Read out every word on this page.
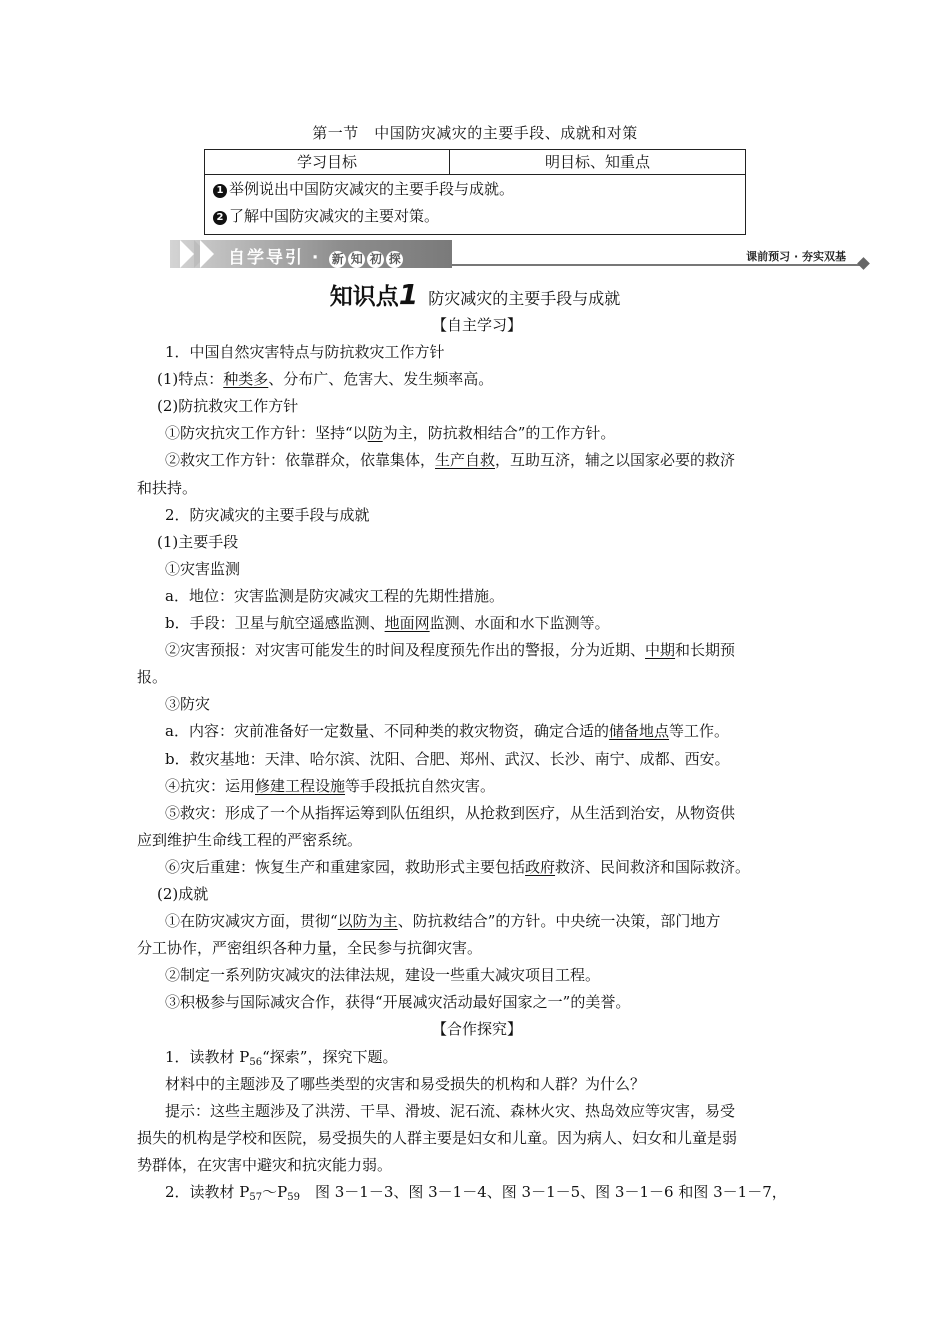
第一节　中国防灾减灾的主要手段、成就和对策
学习目标	明目标、知重点

1 举例说出中国防灾减灾的主要手段与成就。
2 了解中国防灾减灾的主要对策。
自学导引 · 新 知 初 探	课前预习 · 夯实双基
知识点1 防灾减灾的主要手段与成就
【自主学习】
1．中国自然灾害特点与防抗救灾工作方针
(1)特点：种类多、分布广、危害大、发生频率高。
(2)防抗救灾工作方针
①防灾抗灾工作方针：坚持“以防为主，防抗救相结合”的工作方针。
②救灾工作方针：依靠群众，依靠集体，生产自救，互助互济，辅之以国家必要的救济
和扶持。
2．防灾减灾的主要手段与成就
(1)主要手段
①灾害监测
a．地位：灾害监测是防灾减灾工程的先期性措施。
b．手段：卫星与航空遥感监测、地面网监测、水面和水下监测等。
②灾害预报：对灾害可能发生的时间及程度预先作出的警报，分为近期、中期和长期预
报。
③防灾
a．内容：灾前准备好一定数量、不同种类的救灾物资，确定合适的储备地点等工作。
b．救灾基地：天津、哈尔滨、沈阳、合肥、郑州、武汉、长沙、南宁、成都、西安。
④抗灾：运用修建工程设施等手段抵抗自然灾害。
⑤救灾：形成了一个从指挥运筹到队伍组织，从抢救到医疗，从生活到治安，从物资供
应到维护生命线工程的严密系统。
⑥灾后重建：恢复生产和重建家园，救助形式主要包括政府救济、民间救济和国际救济。
(2)成就
①在防灾减灾方面，贯彻“以防为主、防抗救结合”的方针。中央统一决策，部门地方
分工协作，严密组织各种力量，全民参与抗御灾害。
②制定一系列防灾减灾的法律法规，建设一些重大减灾项目工程。
③积极参与国际减灾合作，获得“开展减灾活动最好国家之一”的美誉。
【合作探究】
1．读教材 $P_{56}“$探索”，探究下题。
材料中的主题涉及了哪些类型的灾害和易受损失的机构和人群？为什么？
提示：这些主题涉及了洪涝、干旱、滑坡、泥石流、森林火灾、热岛效应等灾害，易受
损失的机构是学校和医院，易受损失的人群主要是妇女和儿童。因为病人、妇女和儿童是弱
势群体，在灾害中避灾和抗灾能力弱。
2．读教材 $P_{57}\sim P_{59}$　图 3－1－3、图 3－1－4、图 3－1－5、图 3－1－6 和图 3－1－7，
